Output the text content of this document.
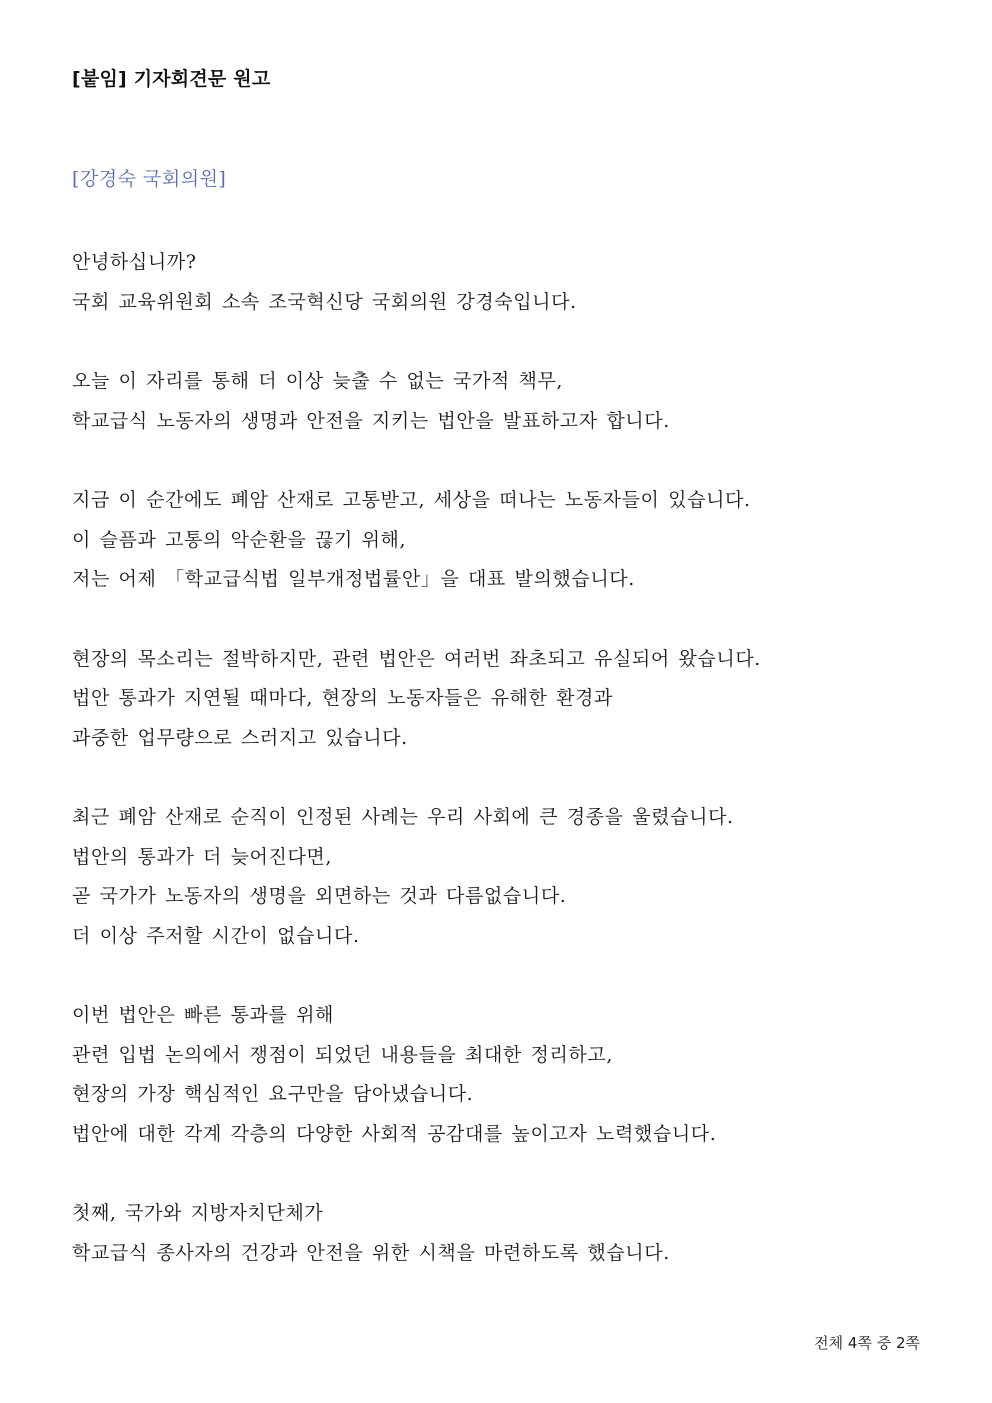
[붙임] 기자회견문 원고
[강경숙 국회의원]
안녕하십니까?
국회 교육위원회 소속 조국혁신당 국회의원 강경숙입니다.
오늘 이 자리를 통해 더 이상 늦출 수 없는 국가적 책무,
학교급식 노동자의 생명과 안전을 지키는 법안을 발표하고자 합니다.
지금 이 순간에도 폐암 산재로 고통받고, 세상을 떠나는 노동자들이 있습니다.
이 슬픔과 고통의 악순환을 끊기 위해,
저는 어제 「학교급식법 일부개정법률안」을 대표 발의했습니다.
현장의 목소리는 절박하지만, 관련 법안은 여러번 좌초되고 유실되어 왔습니다.
법안 통과가 지연될 때마다, 현장의 노동자들은 유해한 환경과
과중한 업무량으로 스러지고 있습니다.
최근 폐암 산재로 순직이 인정된 사례는 우리 사회에 큰 경종을 울렸습니다.
법안의 통과가 더 늦어진다면,
곧 국가가 노동자의 생명을 외면하는 것과 다름없습니다.
더 이상 주저할 시간이 없습니다.
이번 법안은 빠른 통과를 위해
관련 입법 논의에서 쟁점이 되었던 내용들을 최대한 정리하고,
현장의 가장 핵심적인 요구만을 담아냈습니다.
법안에 대한 각계 각층의 다양한 사회적 공감대를 높이고자 노력했습니다.
첫째, 국가와 지방자치단체가
학교급식 종사자의 건강과 안전을 위한 시책을 마련하도록 했습니다.
전체 4쪽 중 2쪽
